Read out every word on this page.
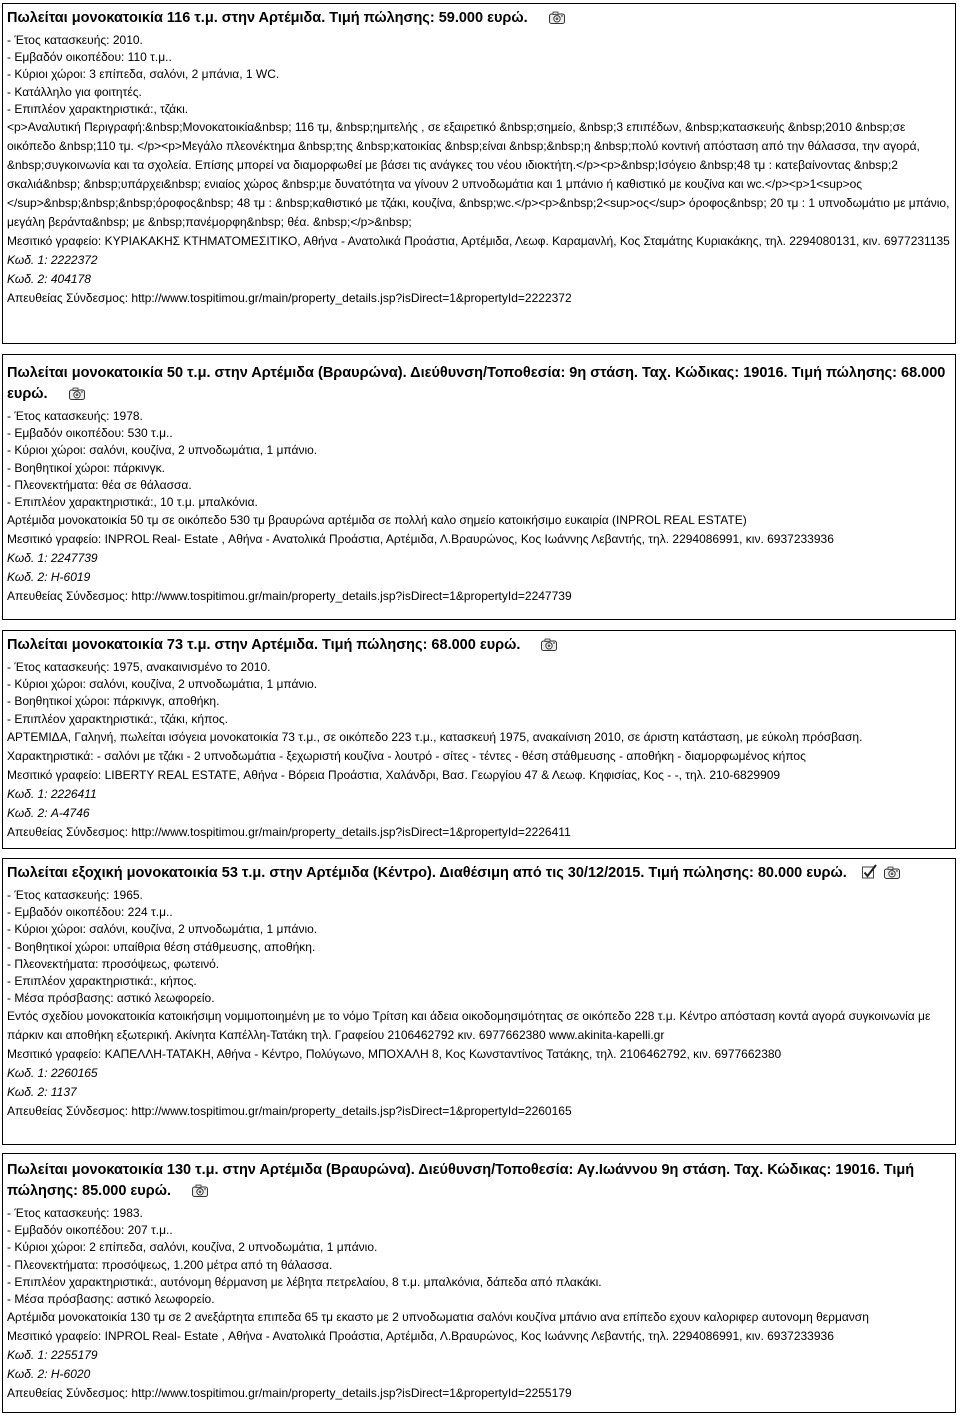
Πωλείται μονοκατοικία 116 τ.μ. στην Αρτέμιδα. Τιμή πώλησης: 59.000 ευρώ.
- Έτος κατασκευής: 2010.
- Εμβαδόν οικοπέδου: 110 τ.μ..
- Κύριοι χώροι: 3 επίπεδα, σαλόνι, 2 μπάνια, 1 WC.
- Κατάλληλο για φοιτητές.
- Επιπλέον χαρακτηριστικά:, τζάκι.
<p>Αναλυτική Περιγραφή:&nbsp;Μονοκατοικία&nbsp; 116 τμ, &nbsp;ημιτελής , σε εξαιρετικό &nbsp;σημείο, &nbsp;3 επιπέδων, &nbsp;κατασκευής &nbsp;2010 &nbsp;σε οικόπεδο &nbsp;110 τμ. </p><p>Μεγάλο πλεονέκτημα &nbsp;της &nbsp;κατοικίας &nbsp;είναι &nbsp;&nbsp;η &nbsp;πολύ κοντινή απόσταση από την θάλασσα, την αγορά, &nbsp;συγκοινωνία και τα σχολεία. Επίσης μπορεί να διαμορφωθεί με βάσει τις ανάγκες του νέου ιδιοκτήτη.</p><p>&nbsp;Ισόγειο &nbsp;48 τμ : κατεβαίνοντας &nbsp;2 σκαλιά&nbsp; &nbsp;υπάρχει&nbsp; ενιαίος χώρος &nbsp;με δυνατότητα να γίνουν 2 υπνοδωμάτια και 1 μπάνιο ή καθιστικό με κουζίνα και wc.</p><p>1<sup>ος </sup>&nbsp;&nbsp;&nbsp;όροφος&nbsp; 48 τμ : &nbsp;καθιστικό με τζάκι, κουζίνα, &nbsp;wc.</p><p>&nbsp;2<sup>ος</sup> όροφος&nbsp; 20 τμ : 1 υπνοδωμάτιο με μπάνιο, μεγάλη βεράντα&nbsp; με &nbsp;πανέμορφη&nbsp; θέα. &nbsp;</p>&nbsp;
Μεσιτικό γραφείο: ΚΥΡΙΑΚΑΚΗΣ ΚΤΗΜΑΤΟΜΕΣΙΤΙΚΟ, Αθήνα - Ανατολικά Προάστια, Αρτέμιδα, Λεωφ. Καραμανλή, Κος Σταμάτης Κυριακάκης, τηλ. 2294080131, κιν. 6977231135
Κωδ. 1: 2222372
Κωδ. 2: 404178
Απευθείας Σύνδεσμος: http://www.tospitimou.gr/main/property_details.jsp?isDirect=1&propertyId=2222372
Πωλείται μονοκατοικία 50 τ.μ. στην Αρτέμιδα (Βραυρώνα). Διεύθυνση/Τοποθεσία: 9η στάση. Ταχ. Κώδικας: 19016. Τιμή πώλησης: 68.000 ευρώ.
- Έτος κατασκευής: 1978.
- Εμβαδόν οικοπέδου: 530 τ.μ..
- Κύριοι χώροι: σαλόνι, κουζίνα, 2 υπνοδωμάτια, 1 μπάνιο.
- Βοηθητικοί χώροι: πάρκινγκ.
- Πλεονεκτήματα: θέα σε θάλασσα.
- Επιπλέον χαρακτηριστικά:, 10 τ.μ. μπαλκόνια.
Αρτέμιδα μονοκατοικία 50 τμ σε οικόπεδο 530 τμ βραυρώνα αρτέμιδα σε πολλή καλο σημείο κατοικήσιμο ευκαιρία (INPROL REAL ESTATE)
Μεσιτικό γραφείο: INPROL Real- Estate , Αθήνα - Ανατολικά Προάστια, Αρτέμιδα, Λ.Βραυρώνος, Κος Ιωάννης Λεβαντής, τηλ. 2294086991, κιν. 6937233936
Κωδ. 1: 2247739
Κωδ. 2: H-6019
Απευθείας Σύνδεσμος: http://www.tospitimou.gr/main/property_details.jsp?isDirect=1&propertyId=2247739
Πωλείται μονοκατοικία 73 τ.μ. στην Αρτέμιδα. Τιμή πώλησης: 68.000 ευρώ.
- Έτος κατασκευής: 1975, ανακαινισμένο το 2010.
- Κύριοι χώροι: σαλόνι, κουζίνα, 2 υπνοδωμάτια, 1 μπάνιο.
- Βοηθητικοί χώροι: πάρκινγκ, αποθήκη.
- Επιπλέον χαρακτηριστικά:, τζάκι, κήπος.
ΑΡΤΕΜΙΔΑ, Γαληνή, πωλείται ισόγεια μονοκατοικία 73 τ.μ., σε οικόπεδο 223 τ.μ., κατασκευή 1975, ανακαίνιση 2010, σε άριστη κατάσταση, με εύκολη πρόσβαση. Χαρακτηριστικά: - σαλόνι με τζάκι - 2 υπνοδωμάτια - ξεχωριστή κουζίνα - λουτρό - σίτες - τέντες - θέση στάθμευσης - αποθήκη - διαμορφωμένος κήπος
Μεσιτικό γραφείο: LIBERTY REAL ESTATE, Αθήνα - Βόρεια Προάστια, Χαλάνδρι, Βασ. Γεωργίου 47 & Λεωφ. Κηφισίας, Κος - -, τηλ. 210-6829909
Κωδ. 1: 2226411
Κωδ. 2: A-4746
Απευθείας Σύνδεσμος: http://www.tospitimou.gr/main/property_details.jsp?isDirect=1&propertyId=2226411
Πωλείται εξοχική μονοκατοικία 53 τ.μ. στην Αρτέμιδα (Κέντρο). Διαθέσιμη από τις 30/12/2015. Τιμή πώλησης: 80.000 ευρώ.
- Έτος κατασκευής: 1965.
- Εμβαδόν οικοπέδου: 224 τ.μ..
- Κύριοι χώροι: σαλόνι, κουζίνα, 2 υπνοδωμάτια, 1 μπάνιο.
- Βοηθητικοί χώροι: υπαίθρια θέση στάθμευσης, αποθήκη.
- Πλεονεκτήματα: προσόψεως, φωτεινό.
- Επιπλέον χαρακτηριστικά:, κήπος.
- Μέσα πρόσβασης: αστικό λεωφορείο.
Εντός σχεδίου μονοκατοικία κατοικήσιμη νομιμοποιημένη με το νόμο Τρίτση και άδεια οικοδομησιμότητας σε οικόπεδο 228 τ.μ. Κέντρο απόσταση κοντά αγορά συγκοινωνία με πάρκιν και αποθήκη εξωτερική. Ακίνητα Καπέλλη-Τατάκη τηλ. Γραφείου 2106462792 κιν. 6977662380 www.akinita-kapelli.gr
Μεσιτικό γραφείο: ΚΑΠΕΛΛΗ-ΤΑΤΑΚΗ, Αθήνα - Κέντρο, Πολύγωνο, ΜΠΟΧΑΛΗ 8, Κος Κωνσταντίνος Τατάκης, τηλ. 2106462792, κιν. 6977662380
Κωδ. 1: 2260165
Κωδ. 2: 1137
Απευθείας Σύνδεσμος: http://www.tospitimou.gr/main/property_details.jsp?isDirect=1&propertyId=2260165
Πωλείται μονοκατοικία 130 τ.μ. στην Αρτέμιδα (Βραυρώνα). Διεύθυνση/Τοποθεσία: Αγ.Ιωάννου 9η στάση. Ταχ. Κώδικας: 19016. Τιμή πώλησης: 85.000 ευρώ.
- Έτος κατασκευής: 1983.
- Εμβαδόν οικοπέδου: 207 τ.μ..
- Κύριοι χώροι: 2 επίπεδα, σαλόνι, κουζίνα, 2 υπνοδωμάτια, 1 μπάνιο.
- Πλεονεκτήματα: προσόψεως, 1.200 μέτρα από τη θάλασσα.
- Επιπλέον χαρακτηριστικά:, αυτόνομη θέρμανση με λέβητα πετρελαίου, 8 τ.μ. μπαλκόνια, δάπεδα από πλακάκι.
- Μέσα πρόσβασης: αστικό λεωφορείο.
Αρτέμιδα μονοκατοικία 130 τμ σε 2 ανεξάρτητα επιπεδα 65 τμ εκαστο με 2 υπνοδωματια σαλόνι κουζίνα μπάνιο ανα επίπεδο εχουν καλοριφερ αυτονομη θερμανση
Μεσιτικό γραφείο: INPROL Real- Estate , Αθήνα - Ανατολικά Προάστια, Αρτέμιδα, Λ.Βραυρώνος, Κος Ιωάννης Λεβαντής, τηλ. 2294086991, κιν. 6937233936
Κωδ. 1: 2255179
Κωδ. 2: H-6020
Απευθείας Σύνδεσμος: http://www.tospitimou.gr/main/property_details.jsp?isDirect=1&propertyId=2255179
